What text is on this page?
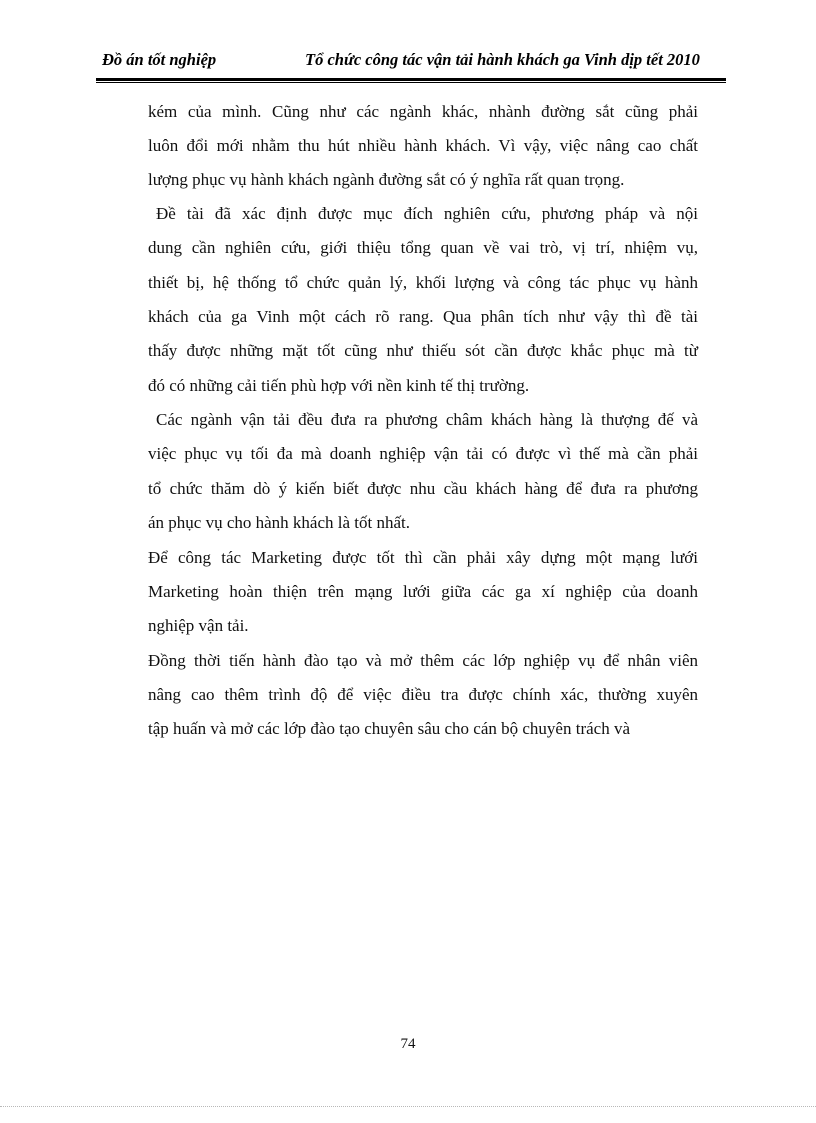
Đồ án tốt nghiệp	Tổ chức công tác vận tải hành khách ga Vinh dịp tết 2010
kém của mình. Cũng như các ngành khác, nhành đường sắt cũng phải
luôn đổi mới nhằm thu hút nhiều hành khách. Vì vậy, việc nâng cao chất
lượng phục vụ hành khách ngành đường sắt có ý nghĩa rất quan trọng.
Đề tài đã xác định được mục đích nghiên cứu, phương pháp và nội
dung cần nghiên cứu, giới thiệu tổng quan về vai trò, vị trí, nhiệm vụ,
thiết bị, hệ thống tổ chức quản lý, khối lượng và công tác phục vụ hành
khách của ga Vinh một cách rõ rang. Qua phân tích như vậy thì đề tài
thấy được những mặt tốt cũng như thiếu sót cần được khắc phục mà từ
đó có những cải tiến phù hợp với nền kinh tế thị trường.
Các ngành vận tải đều đưa ra phương châm khách hàng là thượng đế và
việc phục vụ tối đa mà doanh nghiệp vận tải có được vì thế mà cần phải
tổ chức thăm dò ý kiến biết được nhu cầu khách hàng để đưa ra phương
án phục vụ cho hành khách là tốt nhất.
Để công tác Marketing được tốt thì cần phải xây dựng một mạng lưới
Marketing hoàn thiện trên mạng lưới giữa các ga xí nghiệp của doanh
nghiệp vận tải.
Đồng thời tiến hành đào tạo và mở thêm các lớp nghiệp vụ để nhân viên
nâng cao thêm trình độ để việc điều tra được chính xác, thường xuyên
tập huấn và mở các lớp đào tạo chuyên sâu cho cán bộ chuyên trách và
74
